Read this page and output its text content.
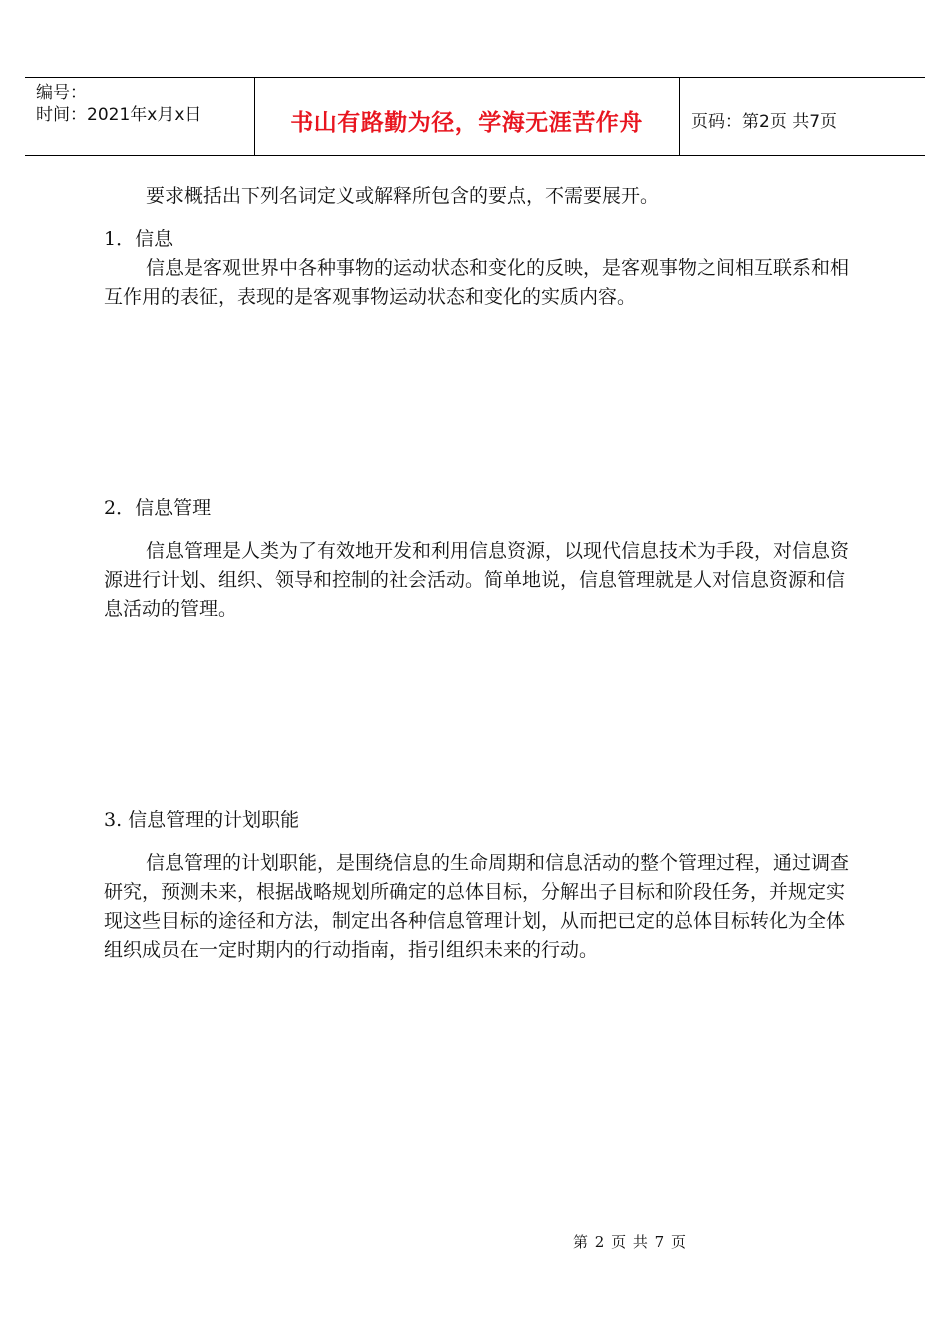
编号：
时间：2021年x月x日	书山有路勤为径，学海无涯苦作舟	页码：第2页 共7页

要求概括出下列名词定义或解释所包含的要点，不需要展开。

1．信息

信息是客观世界中各种事物的运动状态和变化的反映，是客观事物之间相互联系和相互作用的表征，表现的是客观事物运动状态和变化的实质内容。

2．信息管理

信息管理是人类为了有效地开发和利用信息资源，以现代信息技术为手段，对信息资源进行计划、组织、领导和控制的社会活动。简单地说，信息管理就是人对信息资源和信息活动的管理。

3. 信息管理的计划职能

信息管理的计划职能，是围绕信息的生命周期和信息活动的整个管理过程，通过调查研究，预测未来，根据战略规划所确定的总体目标，分解出子目标和阶段任务，并规定实现这些目标的途径和方法，制定出各种信息管理计划，从而把已定的总体目标转化为全体组织成员在一定时期内的行动指南，指引组织未来的行动。

第 2 页 共 7 页
